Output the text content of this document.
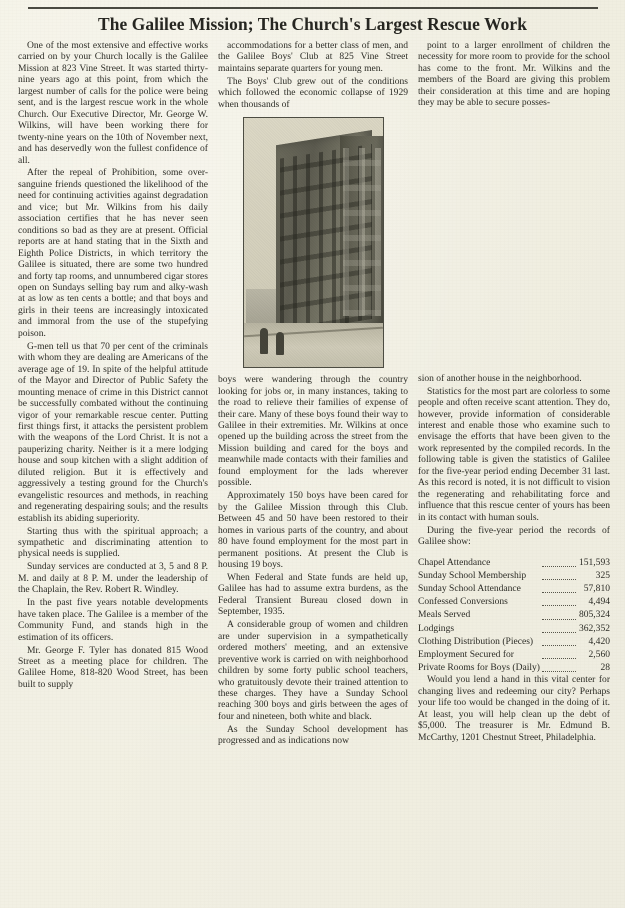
The Galilee Mission; The Church's Largest Rescue Work

One of the most extensive and effective works carried on by your Church locally is the Galilee Mission at 823 Vine Street. It was started thirty-nine years ago at this point, from which the largest number of calls for the police were being sent, and is the largest rescue work in the whole Church. Our Executive Director, Mr. George W. Wilkins, will have been working there for twenty-nine years on the 10th of November next, and has deservedly won the fullest confidence of all.

After the repeal of Prohibition, some over-sanguine friends questioned the likelihood of the need for continuing activities against degradation and vice; but Mr. Wilkins from his daily association certifies that he has never seen conditions so bad as they are at present. Official reports are at hand stating that in the Sixth and Eighth Police Districts, in which territory the Galilee is situated, there are some two hundred and forty tap rooms, and unnumbered cigar stores open on Sundays selling bay rum and alky-wash at as low as ten cents a bottle; and that boys and girls in their teens are increasingly intoxicated and immoral from the use of the stupefying poison.

G-men tell us that 70 per cent of the criminals with whom they are dealing are Americans of the average age of 19. In spite of the helpful attitude of the Mayor and Director of Public Safety the mounting menace of crime in this District cannot be successfully combated without the continuing vigor of your remarkable rescue center. Putting first things first, it attacks the persistent problem with the weapons of the Lord Christ. It is not a pauperizing charity. Neither is it a mere lodging house and soup kitchen with a slight addition of diluted religion. But it is effectively and aggressively a testing ground for the Church's evangelistic resources and methods, in reaching and regenerating despairing souls; and the results establish its abiding superiority.

Starting thus with the spiritual approach; a sympathetic and discriminating attention to physical needs is supplied.

Sunday services are conducted at 3, 5 and 8 P. M. and daily at 8 P. M. under the leadership of the Chaplain, the Rev. Robert R. Windley.

In the past five years notable developments have taken place. The Galilee is a member of the Community Fund, and stands high in the estimation of its officers.

Mr. George F. Tyler has donated 815 Wood Street as a meeting place for children. The Galilee Home, 818-820 Wood Street, has been built to supply

accommodations for a better class of men, and the Galilee Boys' Club at 825 Vine Street maintains separate quarters for young men.

The Boys' Club grew out of the conditions which followed the economic collapse of 1929 when thousands of

boys were wandering through the country looking for jobs or, in many instances, taking to the road to relieve their families of expense of their care. Many of these boys found their way to Galilee in their extremities. Mr. Wilkins at once opened up the building across the street from the Mission building and cared for the boys and meanwhile made contacts with their families and found employment for the lads wherever possible.

Approximately 150 boys have been cared for by the Galilee Mission through this Club. Between 45 and 50 have been restored to their homes in various parts of the country, and about 80 have found employment for the most part in permanent positions. At present the Club is housing 19 boys.

When Federal and State funds are held up, Galilee has had to assume extra burdens, as the Federal Transient Bureau closed down in September, 1935.

A considerable group of women and children are under supervision in a sympathetically ordered mothers' meeting, and an extensive preventive work is carried on with neighborhood children by some forty public school teachers, who gratuitously devote their trained attention to these charges. They have a Sunday School reaching 300 boys and girls between the ages of four and nineteen, both white and black.

As the Sunday School development has progressed and as indications now

point to a larger enrollment of children the necessity for more room to provide for the school has come to the front. Mr. Wilkins and the members of the Board are giving this problem their consideration at this time and are hoping they may be able to secure posses-

sion of another house in the neighborhood.

Statistics for the most part are colorless to some people and often receive scant attention. They do, however, provide information of considerable interest and enable those who examine such to envisage the efforts that have been given to the work represented by the compiled records. In the following table is given the statistics of Galilee for the five-year period ending December 31 last. As this record is noted, it is not difficult to vision the regenerating and rehabilitating force and influence that this rescue center of yours has been in its contact with human souls.

During the five-year period the records of Galilee show:

Chapel Attendance		151,593
Sunday School Membership		325
Sunday School Attendance		57,810
Confessed Conversions		4,494
Meals Served		805,324
Lodgings		362,352
Clothing Distribution (Pieces)		4,420
Employment Secured for		2,560
Private Rooms for Boys (Daily)		28

Would you lend a hand in this vital center for changing lives and redeeming our city? Perhaps your life too would be changed in the doing of it. At least, you will help clean up the debt of $5,000. The treasurer is Mr. Edmund B. McCarthy, 1201 Chestnut Street, Philadelphia.
